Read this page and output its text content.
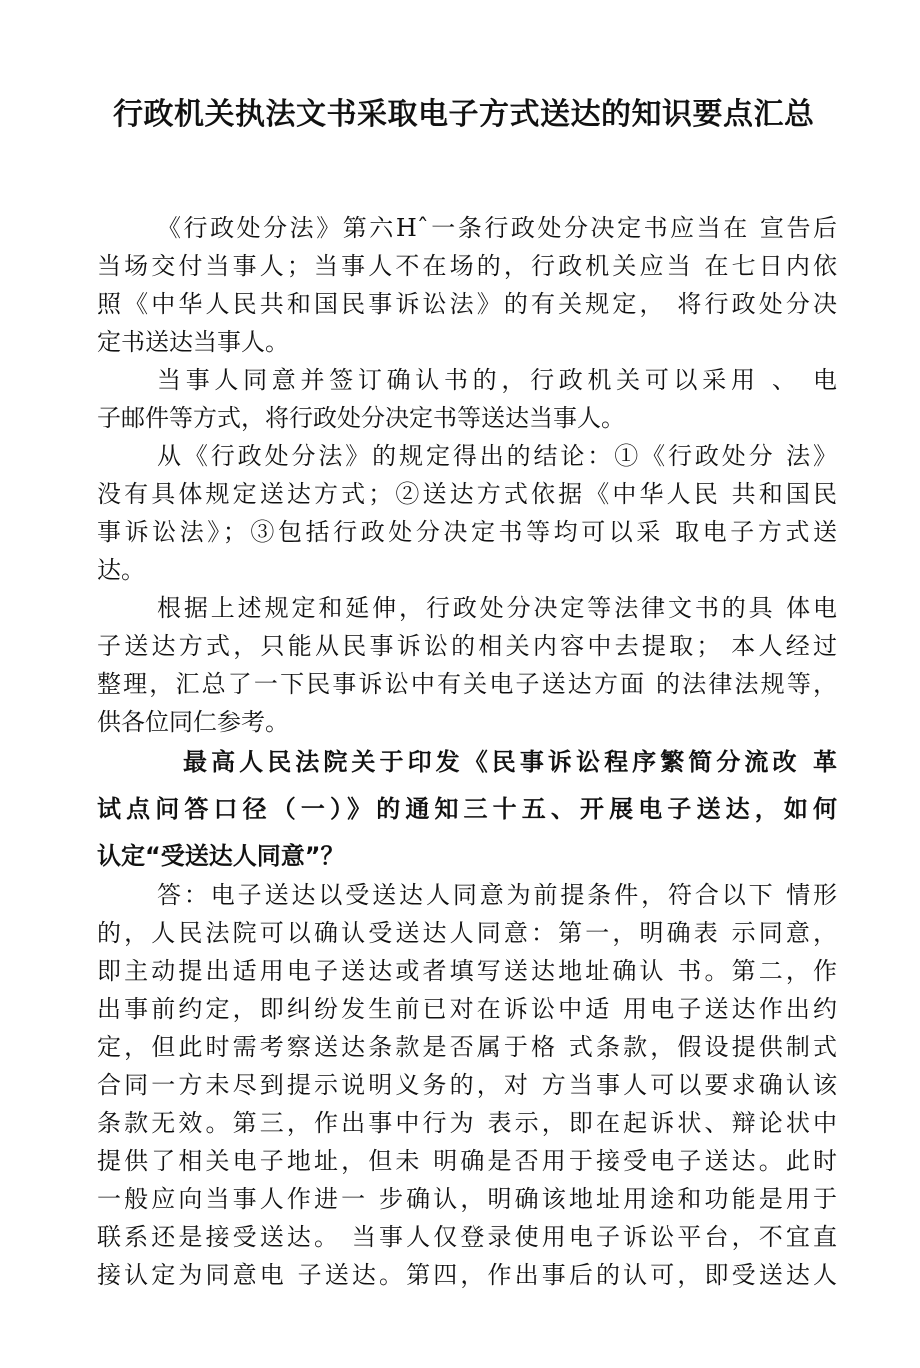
行政机关执法文书采取电子方式送达的知识要点汇总

《行政处分法》第六Hˆ一条行政处分决定书应当在 宣告后

当场交付当事人；当事人不在场的，行政机关应当 在七日内依

照《中华人民共和国民事诉讼法》的有关规定， 将行政处分决

定书送达当事人。

当事人同意并签订确认书的，行政机关可以采用 、 电

子邮件等方式，将行政处分决定书等送达当事人。

从《行政处分法》的规定得出的结论：①《行政处分 法》

没有具体规定送达方式；②送达方式依据《中华人民 共和国民

事诉讼法》；③包括行政处分决定书等均可以采 取电子方式送

达。

根据上述规定和延伸，行政处分决定等法律文书的具 体电

子送达方式，只能从民事诉讼的相关内容中去提取； 本人经过

整理，汇总了一下民事诉讼中有关电子送达方面 的法律法规等，

供各位同仁参考。

最高人民法院关于印发《民事诉讼程序繁简分流改 革

试点问答口径（一）》的通知三十五、开展电子送达，如何

认定“受送达人同意”？

答：电子送达以受送达人同意为前提条件，符合以下 情形

的，人民法院可以确认受送达人同意：第一，明确表 示同意，

即主动提出适用电子送达或者填写送达地址确认 书。第二，作

出事前约定，即纠纷发生前已对在诉讼中适 用电子送达作出约

定，但此时需考察送达条款是否属于格 式条款，假设提供制式

合同一方未尽到提示说明义务的，对 方当事人可以要求确认该

条款无效。第三，作出事中行为 表示，即在起诉状、辩论状中

提供了相关电子地址，但未 明确是否用于接受电子送达。此时

一般应向当事人作进一 步确认，明确该地址用途和功能是用于

联系还是接受送达。 当事人仅登录使用电子诉讼平台，不宜直

接认定为同意电 子送达。第四，作出事后的认可，即受送达人
